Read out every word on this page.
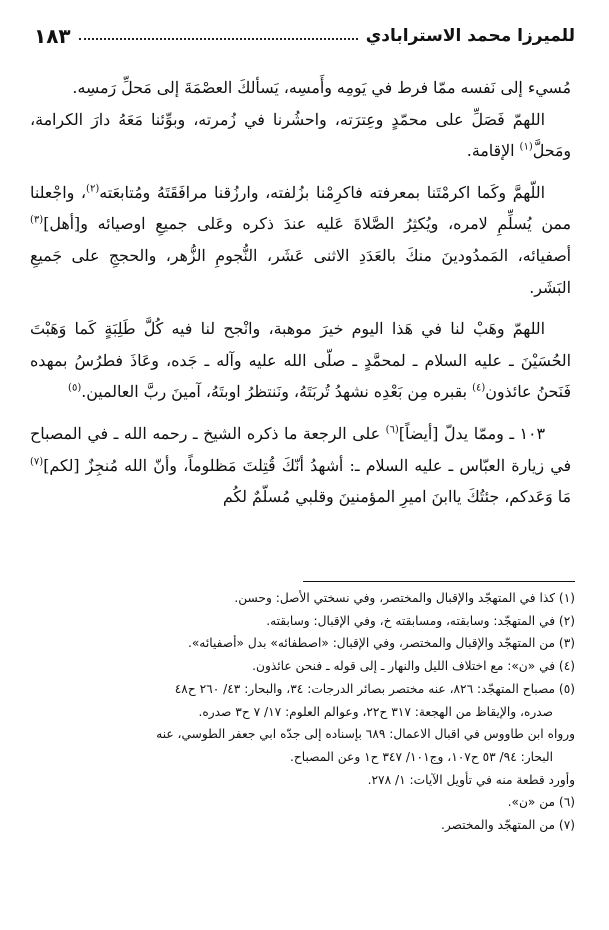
للميرزا محمد الاسترابادي
١٨٣

مُسيء إلى نَفسه ممّا فرط في يَومِه وأَمسِه، يَسألكَ العصْمَةَ إلى مَحلِّ رَمسِه.

اللهمّ فَصَلِّ على محمّدٍ وعِترَته، واحشُرنا في زُمرته، وبوِّئنا مَعَهُ دارَ الكرامة، ومَحلَّ$^{(١)}$ الإقامة.

اللّهمَّ وكَما اكرمْتَنا بمعرفته فاكرِمْنا بزُلفته، وارزُقنا مرافَقَتَهُ ومُتابعَته$^{(٢)}$، واجْعلنا ممن يُسلِّمِ لامره، ويُكثِرُ الصَّلاةَ عَليه عندَ ذكره وعَلى جميعِ اوصيائه و[أهل]$^{(٣)}$ أصفيائه، المَمدُودينَ منكَ بالعَدَدِ الاثنى عَشَر، النُّجومِ الزُّهر، والحججِ على جَميعِ البَشَر.

اللهمّ وهَبْ لنا في هَذا اليوم خيرَ موهبة، وانْجح لنا فيه كُلَّ طَلِبَةٍ كَما وَهَبْتَ الحُسَيْنَ ـ عليه السلام ـ لمحمَّدٍ ـ صلّى الله عليه وآله ـ جَده، وعَاذَ فطرُسُ بمهده فَنَحنُ عائذون$^{(٤)}$ بقبره مِن بَعْدِه نشهدُ تُربَتَهُ، ونَنتظرُ اوبتَهُ، آمينَ ربَّ العالمين.$^{(٥)}$

١٠٣ ـ وممّا يدلّ [أيضاً]$^{(٦)}$ على الرجعة ما ذكره الشيخ ـ رحمه الله ـ في المصباح في زيارة العبّاس ـ عليه السلام ـ: أشهدُ أنّكَ قُتِلتَ مَظلوماً، وأنّ الله مُنجِزٌ [لكم]$^{(٧)}$ مَا وَعَدكم، جئتُكَ ياابنَ اميرِ المؤمنينَ وقلبي مُسلّمٌ لكُم

(١) كذا في المتهجّد والإقبال والمختصر، وفي نسختي الأصل: وحسن.

(٢) في المتهجّد: وسابقته، ومسابقته خ، وفي الإقبال: وسابقته.

(٣) من المتهجّد والإقبال والمختصر، وفي الإقبال: «اصطفائه» بدل «أصفيائه».

(٤) في «ن»: مع اختلاف الليل والنهار ـ إلى قوله ـ فنحن عائذون.

(٥) مصباح المتهجّد: ٨٢٦، عنه مختصر بصائر الدرجات: ٣٤، والبحار: ٤٣/ ٢٦٠ ح٤٨

صدره، والإيقاظ من الهجعة: ٣١٧ ح٢٢، وعوالم العلوم: ١٧/ ٧ ح٣ صدره.

ورواه ابن طاووس في اقبال الاعمال: ٦٨٩ بإسناده إلى جدّه ابي جعفر الطوسي، عنه

البحار: ٩٤/ ٥٣ ح١٠٧، وج١٠١/ ٣٤٧ ح١ وعن المصباح.

وأورد قطعة منه في تأويل الآيات: ١/ ٢٧٨.

(٦) من «ن».

(٧) من المتهجّد والمختصر.
